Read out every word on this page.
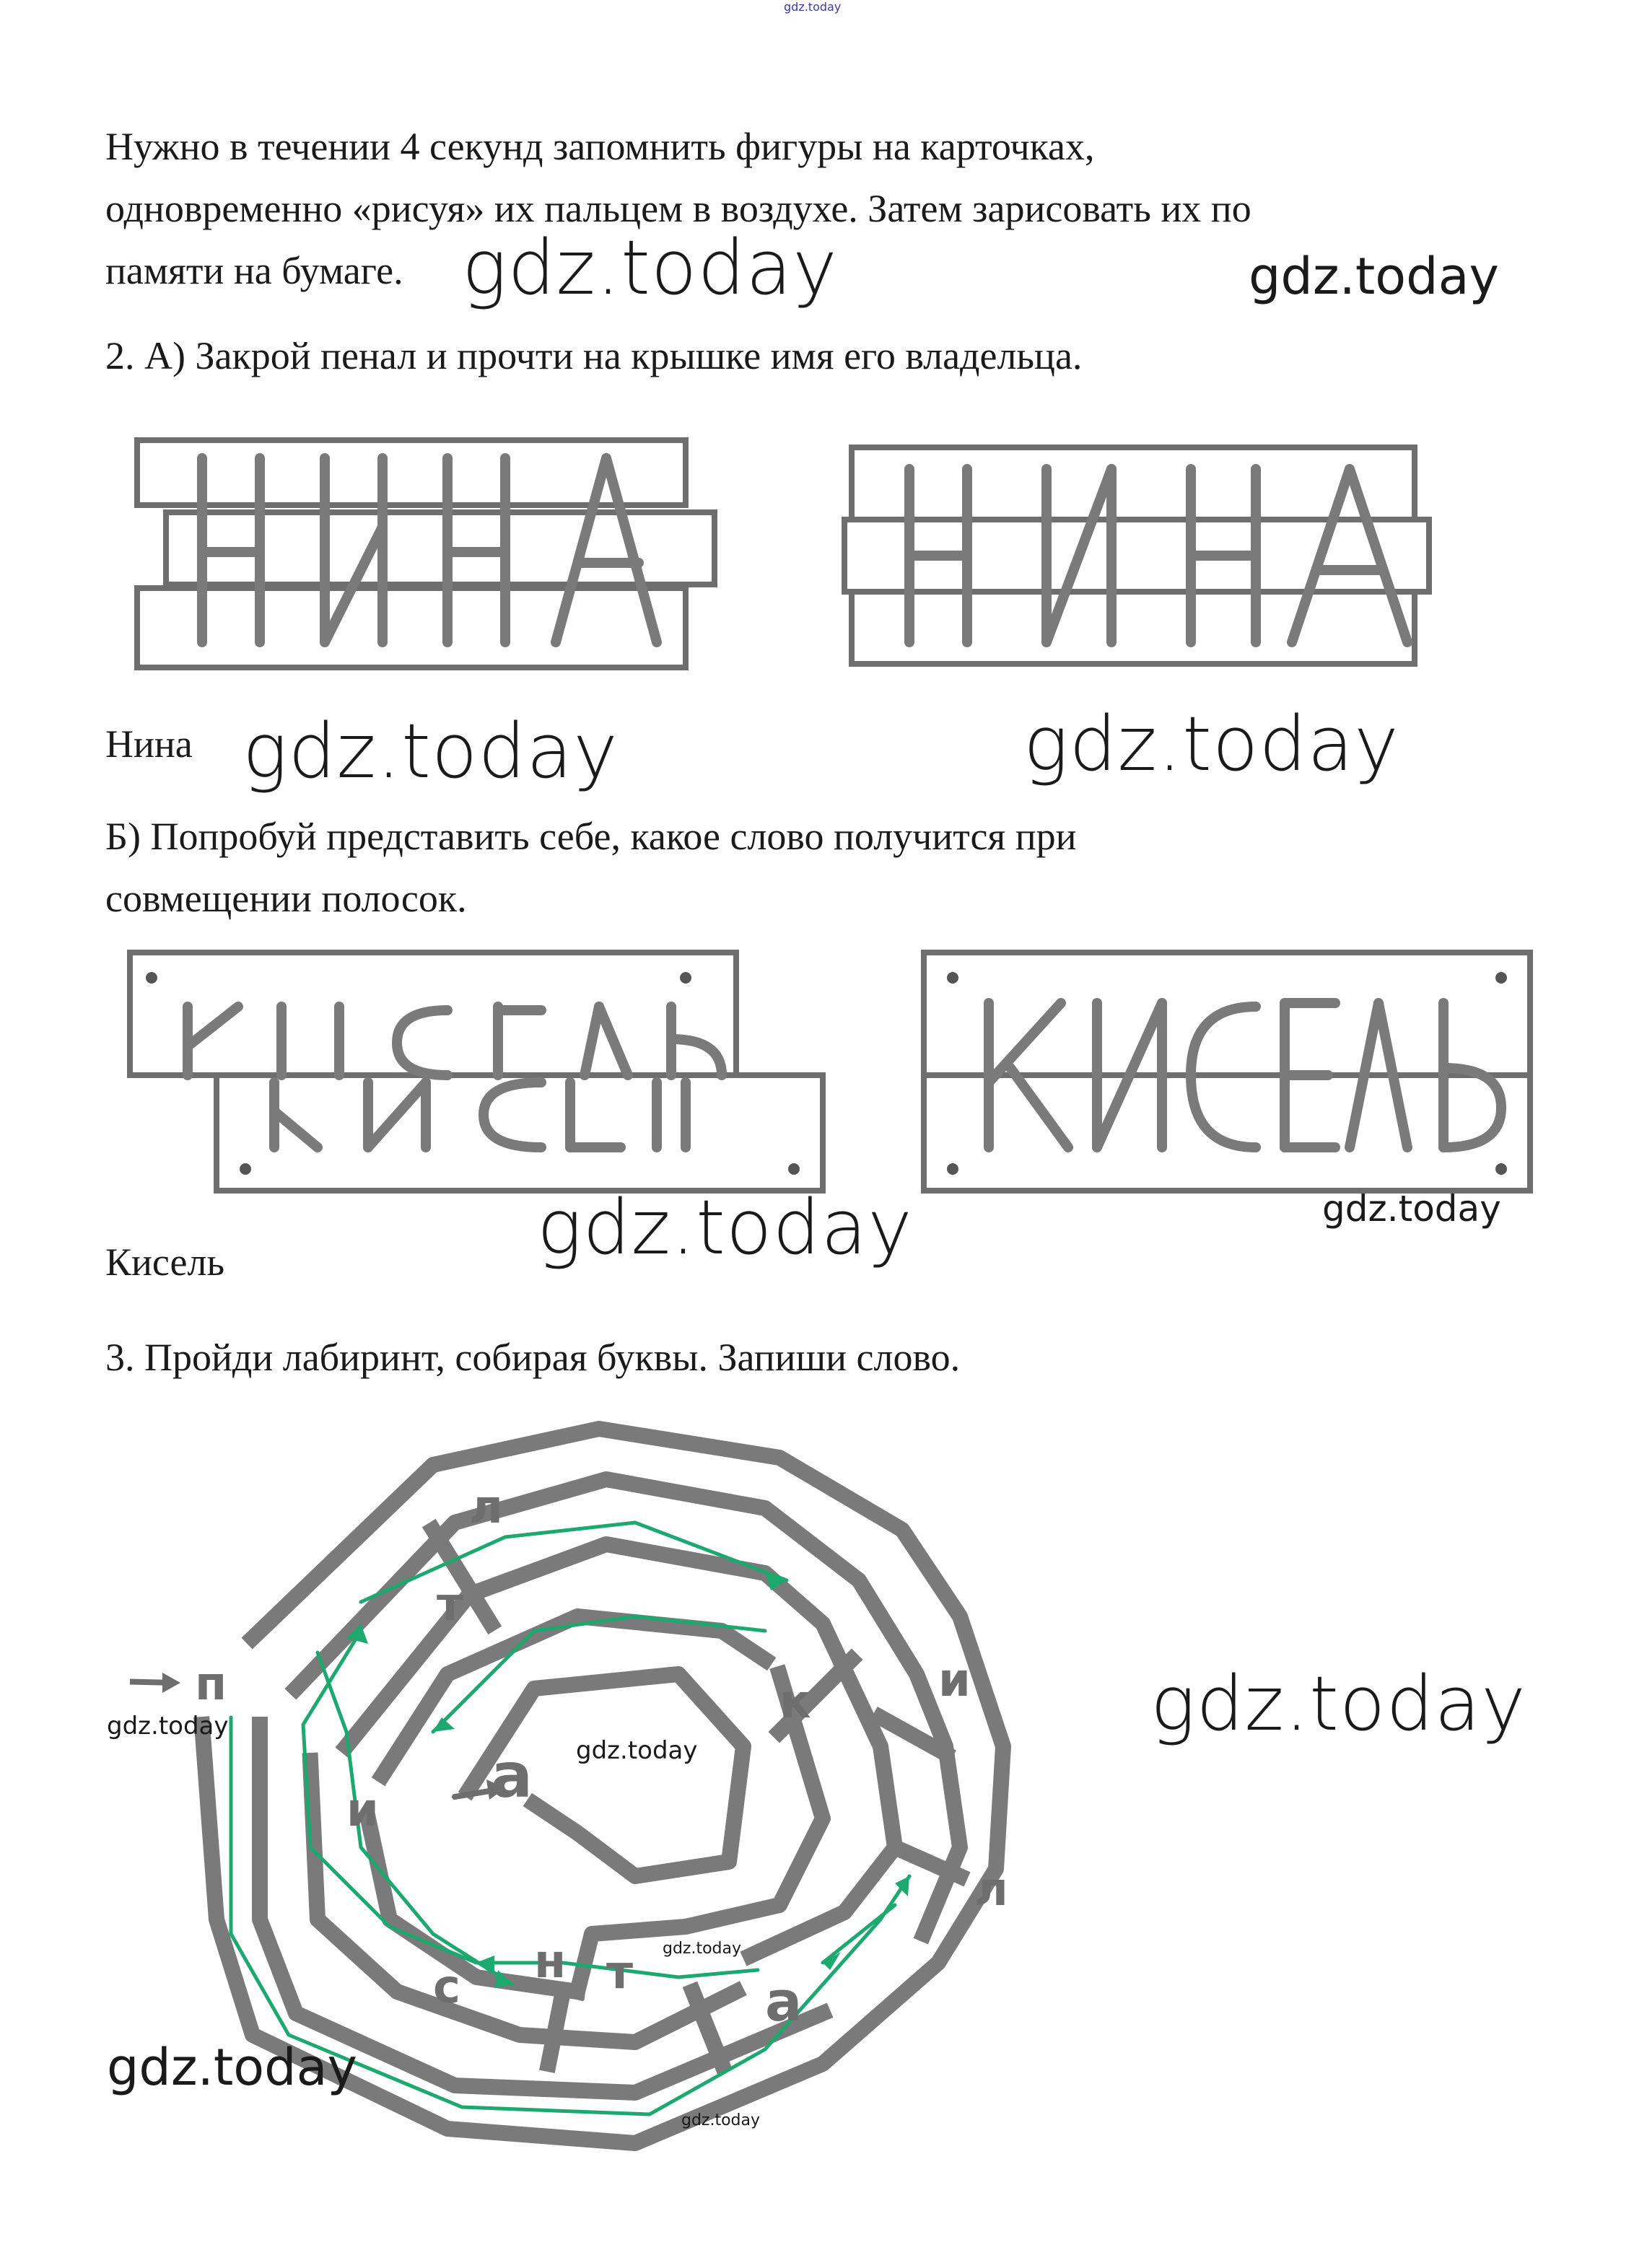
gdz.today
Нужно в течении 4 секунд запомнить фигуры на карточках,
одновременно «рисуя» их пальцем в воздухе. Затем зарисовать их по
памяти на бумаге. gdz.today	gdz.today
2. А) Закрой пенал и прочти на крышке имя его владельца.
Нина gdz.today	gdz.today
Б) Попробуй представить себе, какое слово получится при
совмещении полосок.
gdz.today	gdz.today
Кисель
3. Пройди лабиринт, собирая буквы. Запиши слово.
п
т
л
к	и
а
и
н т
с	а
л
gdz.today
gdz.today
gdz.today
gdz.today
gdz.today
gdz.today
